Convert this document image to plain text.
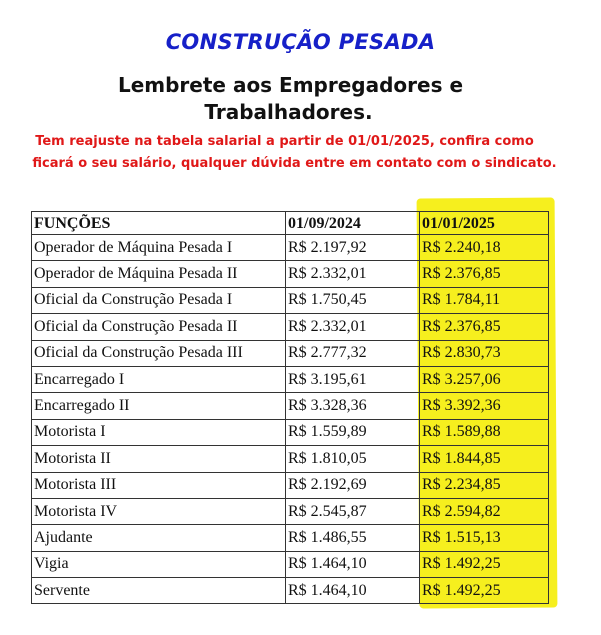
CONSTRUÇÃO PESADA
Lembrete aos Empregadores e
Trabalhadores.
Tem reajuste na tabela salarial a partir de 01/01/2025, confira como
ficará o seu salário, qualquer dúvida entre em contato com o sindicato.
FUNÇÕES	01/09/2024	01/01/2025
Operador de Máquina Pesada I	R$ 2.197,92	R$ 2.240,18
Operador de Máquina Pesada II	R$ 2.332,01	R$ 2.376,85
Oficial da Construção Pesada I	R$ 1.750,45	R$ 1.784,11
Oficial da Construção Pesada II	R$ 2.332,01	R$ 2.376,85
Oficial da Construção Pesada III	R$ 2.777,32	R$ 2.830,73
Encarregado I	R$ 3.195,61	R$ 3.257,06
Encarregado II	R$ 3.328,36	R$ 3.392,36
Motorista I	R$ 1.559,89	R$ 1.589,88
Motorista II	R$ 1.810,05	R$ 1.844,85
Motorista III	R$ 2.192,69	R$ 2.234,85
Motorista IV	R$ 2.545,87	R$ 2.594,82
Ajudante	R$ 1.486,55	R$ 1.515,13
Vigia	R$ 1.464,10	R$ 1.492,25
Servente	R$ 1.464,10	R$ 1.492,25
